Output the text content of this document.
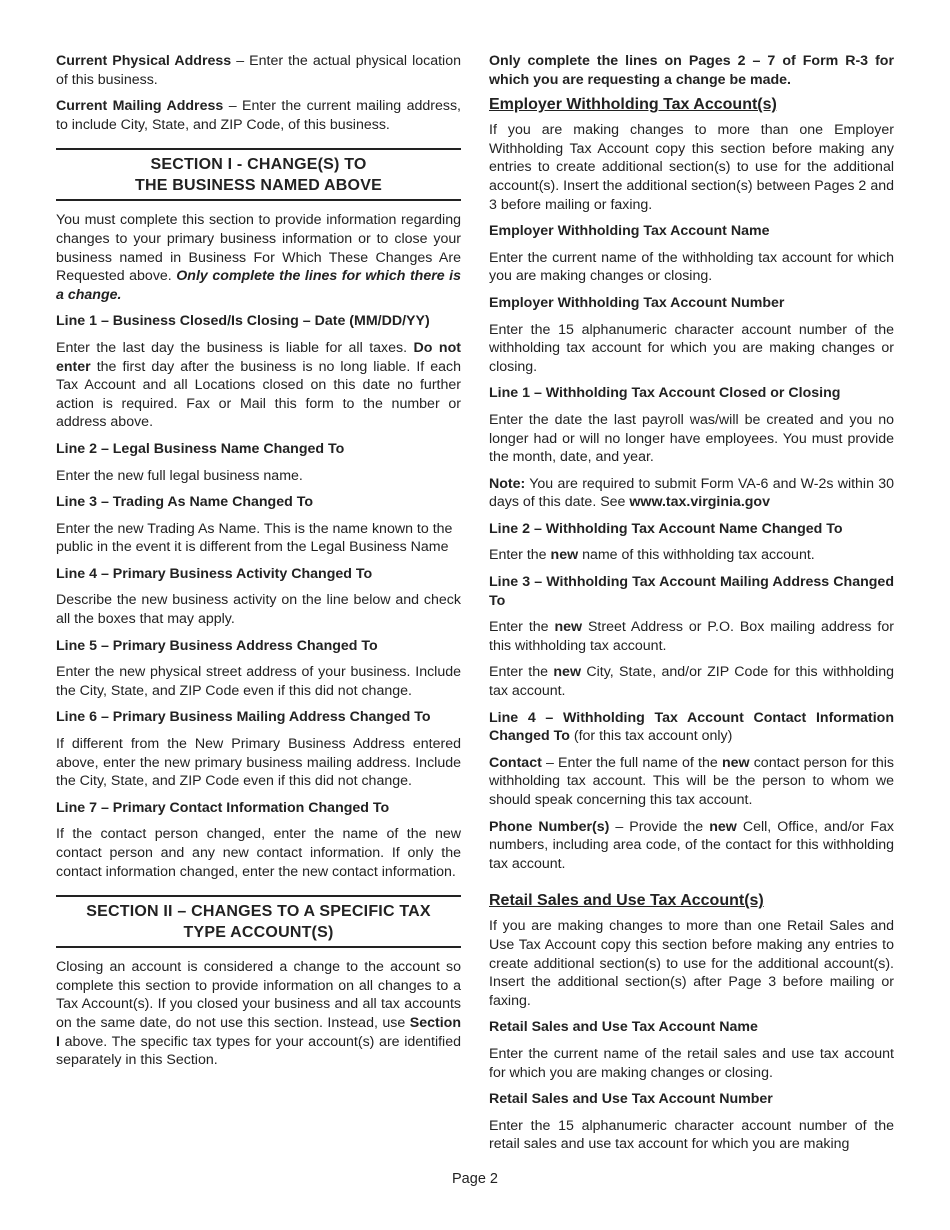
Current Physical Address – Enter the actual physical location of this business.

Current Mailing Address – Enter the current mailing address, to include City, State, and ZIP Code, of this business.

SECTION I - CHANGE(S) TO
THE BUSINESS NAMED ABOVE

You must complete this section to provide information regarding changes to your primary business information or to close your business named in Business For Which These Changes Are Requested above. Only complete the lines for which there is a change.

Line 1 – Business Closed/Is Closing – Date (MM/DD/YY)

Enter the last day the business is liable for all taxes. Do not enter the first day after the business is no long liable. If each Tax Account and all Locations closed on this date no further action is required. Fax or Mail this form to the number or address above.

Line 2 – Legal Business Name Changed To

Enter the new full legal business name.

Line 3 – Trading As Name Changed To

Enter the new Trading As Name. This is the name known to the public in the event it is different from the Legal Business Name

Line 4 – Primary Business Activity Changed To

Describe the new business activity on the line below and check all the boxes that may apply.

Line 5 – Primary Business Address Changed To

Enter the new physical street address of your business. Include the City, State, and ZIP Code even if this did not change.

Line 6 – Primary Business Mailing Address Changed To

If different from the New Primary Business Address entered above, enter the new primary business mailing address. Include the City, State, and ZIP Code even if this did not change.

Line 7 – Primary Contact Information Changed To

If the contact person changed, enter the name of the new contact person and any new contact information. If only the contact information changed, enter the new contact information.

SECTION II – CHANGES TO A SPECIFIC TAX
TYPE ACCOUNT(S)

Closing an account is considered a change to the account so complete this section to provide information on all changes to a Tax Account(s). If you closed your business and all tax accounts on the same date, do not use this section. Instead, use Section I above. The specific tax types for your account(s) are identified separately in this Section.

Only complete the lines on Pages 2 – 7 of Form R-3 for which you are requesting a change be made.

Employer Withholding Tax Account(s)

If you are making changes to more than one Employer Withholding Tax Account copy this section before making any entries to create additional section(s) to use for the additional account(s). Insert the additional section(s) between Pages 2 and 3 before mailing or faxing.

Employer Withholding Tax Account Name

Enter the current name of the withholding tax account for which you are making changes or closing.

Employer Withholding Tax Account Number

Enter the 15 alphanumeric character account number of the withholding tax account for which you are making changes or closing.

Line 1 – Withholding Tax Account Closed or Closing

Enter the date the last payroll was/will be created and you no longer had or will no longer have employees. You must provide the month, date, and year.

Note: You are required to submit Form VA-6 and W-2s within 30 days of this date. See www.tax.virginia.gov

Line 2 – Withholding Tax Account Name Changed To

Enter the new name of this withholding tax account.

Line 3 – Withholding Tax Account Mailing Address Changed To

Enter the new Street Address or P.O. Box mailing address for this withholding tax account.

Enter the new City, State, and/or ZIP Code for this withholding tax account.

Line 4 – Withholding Tax Account Contact Information Changed To (for this tax account only)

Contact – Enter the full name of the new contact person for this withholding tax account. This will be the person to whom we should speak concerning this tax account.

Phone Number(s) – Provide the new Cell, Office, and/or Fax numbers, including area code, of the contact for this withholding tax account.

Retail Sales and Use Tax Account(s)

If you are making changes to more than one Retail Sales and Use Tax Account copy this section before making any entries to create additional section(s) to use for the additional account(s). Insert the additional section(s) after Page 3 before mailing or faxing.

Retail Sales and Use Tax Account Name

Enter the current name of the retail sales and use tax account for which you are making changes or closing.

Retail Sales and Use Tax Account Number

Enter the 15 alphanumeric character account number of the retail sales and use tax account for which you are making

Page 2
